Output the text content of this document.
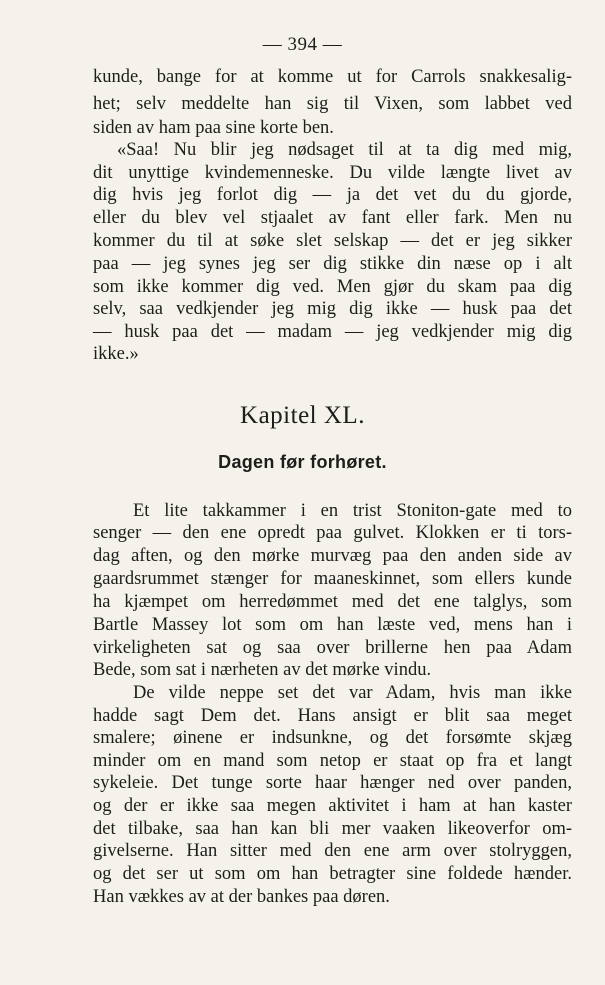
— 394 —
kunde, bange for at komme ut for Carrols snakkesalig-
het; selv meddelte han sig til Vixen, som labbet ved
siden av ham paa sine korte ben.
«Saa! Nu blir jeg nødsaget til at ta dig med mig,
dit unyttige kvindemenneske. Du vilde længte livet av
dig hvis jeg forlot dig — ja det vet du du gjorde,
eller du blev vel stjaalet av fant eller fark. Men nu
kommer du til at søke slet selskap — det er jeg sikker
paa — jeg synes jeg ser dig stikke din næse op i alt
som ikke kommer dig ved. Men gjør du skam paa dig
selv, saa vedkjender jeg mig dig ikke — husk paa det
— husk paa det — madam — jeg vedkjender mig dig
ikke.»
Kapitel XL.
Dagen før forhøret.
Et lite takkammer i en trist Stoniton-gate med to
senger — den ene opredt paa gulvet. Klokken er ti tors-
dag aften, og den mørke murvæg paa den anden side av
gaardsrummet stænger for maaneskinnet, som ellers kunde
ha kjæmpet om herredømmet med det ene talglys, som
Bartle Massey lot som om han læste ved, mens han i
virkeligheten sat og saa over brillerne hen paa Adam
Bede, som sat i nærheten av det mørke vindu.
De vilde neppe set det var Adam, hvis man ikke
hadde sagt Dem det. Hans ansigt er blit saa meget
smalere; øinene er indsunkne, og det forsømte skjæg
minder om en mand som netop er staat op fra et langt
sykeleie. Det tunge sorte haar hænger ned over panden,
og der er ikke saa megen aktivitet i ham at han kaster
det tilbake, saa han kan bli mer vaaken likeoverfor om-
givelserne. Han sitter med den ene arm over stolryggen,
og det ser ut som om han betragter sine foldede hænder.
Han vækkes av at der bankes paa døren.
